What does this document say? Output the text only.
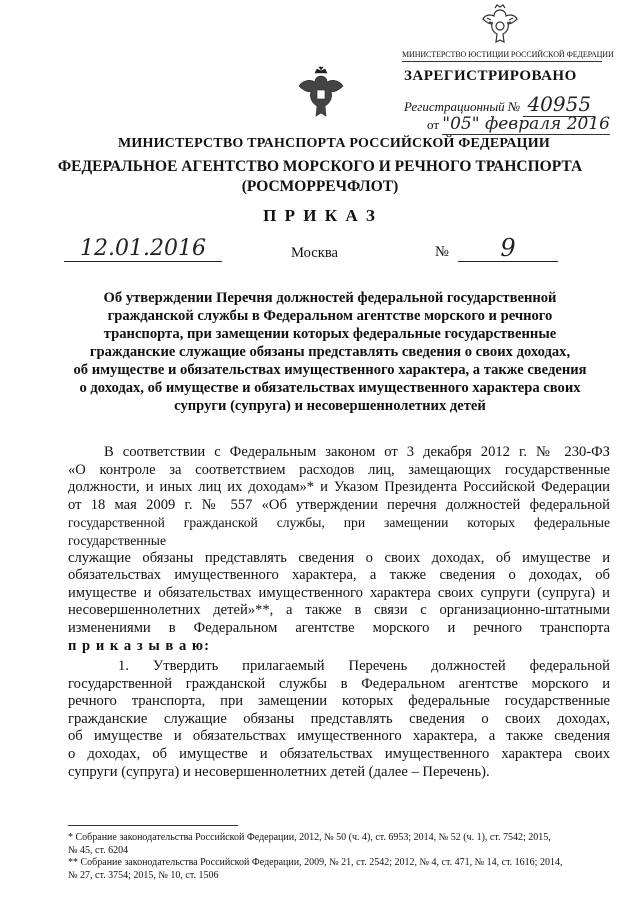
МИНИСТЕРСТВО ЮСТИЦИИ РОССИЙСКОЙ ФЕДЕРАЦИИ
ЗАРЕГИСТРИРОВАНО
Регистрационный № 40955
от "05" февраля 2016
МИНИСТЕРСТВО ТРАНСПОРТА РОССИЙСКОЙ ФЕДЕРАЦИИ
ФЕДЕРАЛЬНОЕ АГЕНТСТВО МОРСКОГО И РЕЧНОГО ТРАНСПОРТА
(РОСМОРРЕЧФЛОТ)
П Р И К А З
12.01.2016	Москва	№	9
Об утверждении Перечня должностей федеральной государственной
гражданской службы в Федеральном агентстве морского и речного
транспорта, при замещении которых федеральные государственные
гражданские служащие обязаны представлять сведения о своих доходах,
об имуществе и обязательствах имущественного характера, а также сведения
о доходах, об имуществе и обязательствах имущественного характера своих
супруги (супруга) и несовершеннолетних детей
В соответствии с Федеральным законом от 3 декабря 2012 г. № 230-ФЗ
«О контроле за соответствием расходов лиц, замещающих государственные
должности, и иных лиц их доходам»* и Указом Президента Российской Федерации
от 18 мая 2009 г. № 557 «Об утверждении перечня должностей федеральной
государственной гражданской службы, при замещении которых федеральные государственные
служащие обязаны представлять сведения о своих доходах, об имуществе и
обязательствах имущественного характера, а также сведения о доходах, об
имуществе и обязательствах имущественного характера своих супруги (супруга) и
несовершеннолетних детей»**, а также в связи с организационно-штатными
изменениями в Федеральном агентстве морского и речного транспорта
п р и к а з ы в а ю:
1.    Утвердить    прилагаемый    Перечень    должностей    федеральной
государственной гражданской службы в Федеральном агентстве морского и
речного транспорта, при замещении которых федеральные государственные
гражданские служащие обязаны представлять сведения о своих доходах,
об имуществе и обязательствах имущественного характера, а также сведения
о доходах, об имуществе и обязательствах имущественного характера своих
супруги (супруга) и несовершеннолетних детей (далее – Перечень).
* Собрание законодательства Российской Федерации, 2012, № 50 (ч. 4), ст. 6953; 2014, № 52 (ч. 1), ст. 7542; 2015,
№ 45, ст. 6204
** Собрание законодательства Российской Федерации, 2009, № 21, ст. 2542; 2012, № 4, ст. 471, № 14, ст. 1616; 2014,
№ 27, ст. 3754; 2015, № 10, ст. 1506
